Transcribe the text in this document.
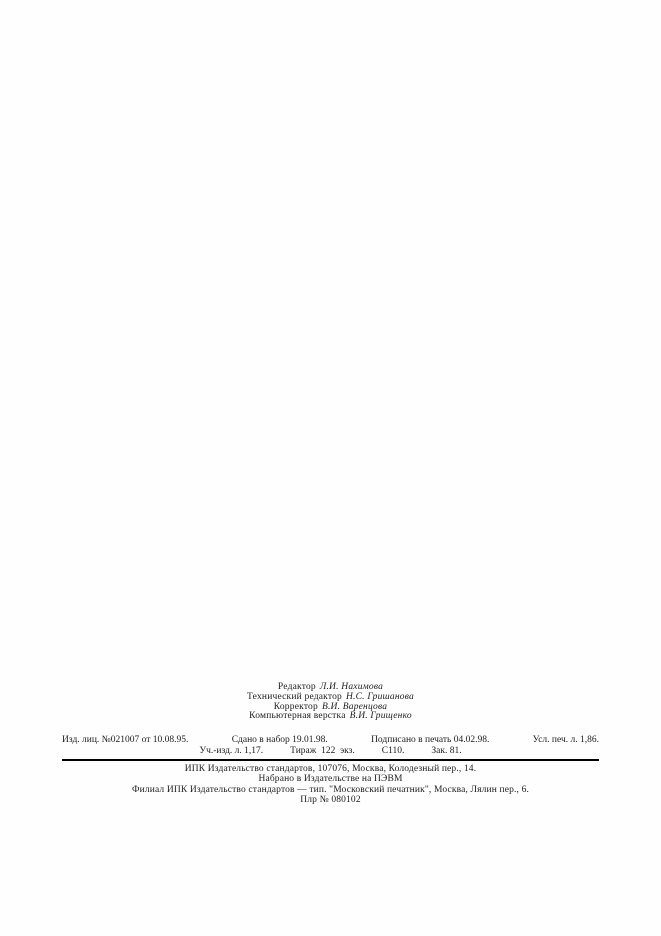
Редактор Л.И. Нахимова
Технический редактор Н.С. Гришанова
Корректор В.И. Варенцова
Компьютерная верстка В.И. Грищенко
Изд. лиц. №021007 от 10.08.95.	Сдано в набор 19.01.98.	Подписано в печать 04.02.98.	Усл. печ. л. 1,86.
Уч.-изд. л. 1,17.	Тираж  122  экз.	С110.	Зак. 81.
ИПК Издательство стандартов, 107076, Москва, Колодезный пер., 14.
Набрано в Издательстве на ПЭВМ
Филиал ИПК Издательство стандартов — тип. "Московский печатник", Москва, Лялин пер., 6.
Плр № 080102
